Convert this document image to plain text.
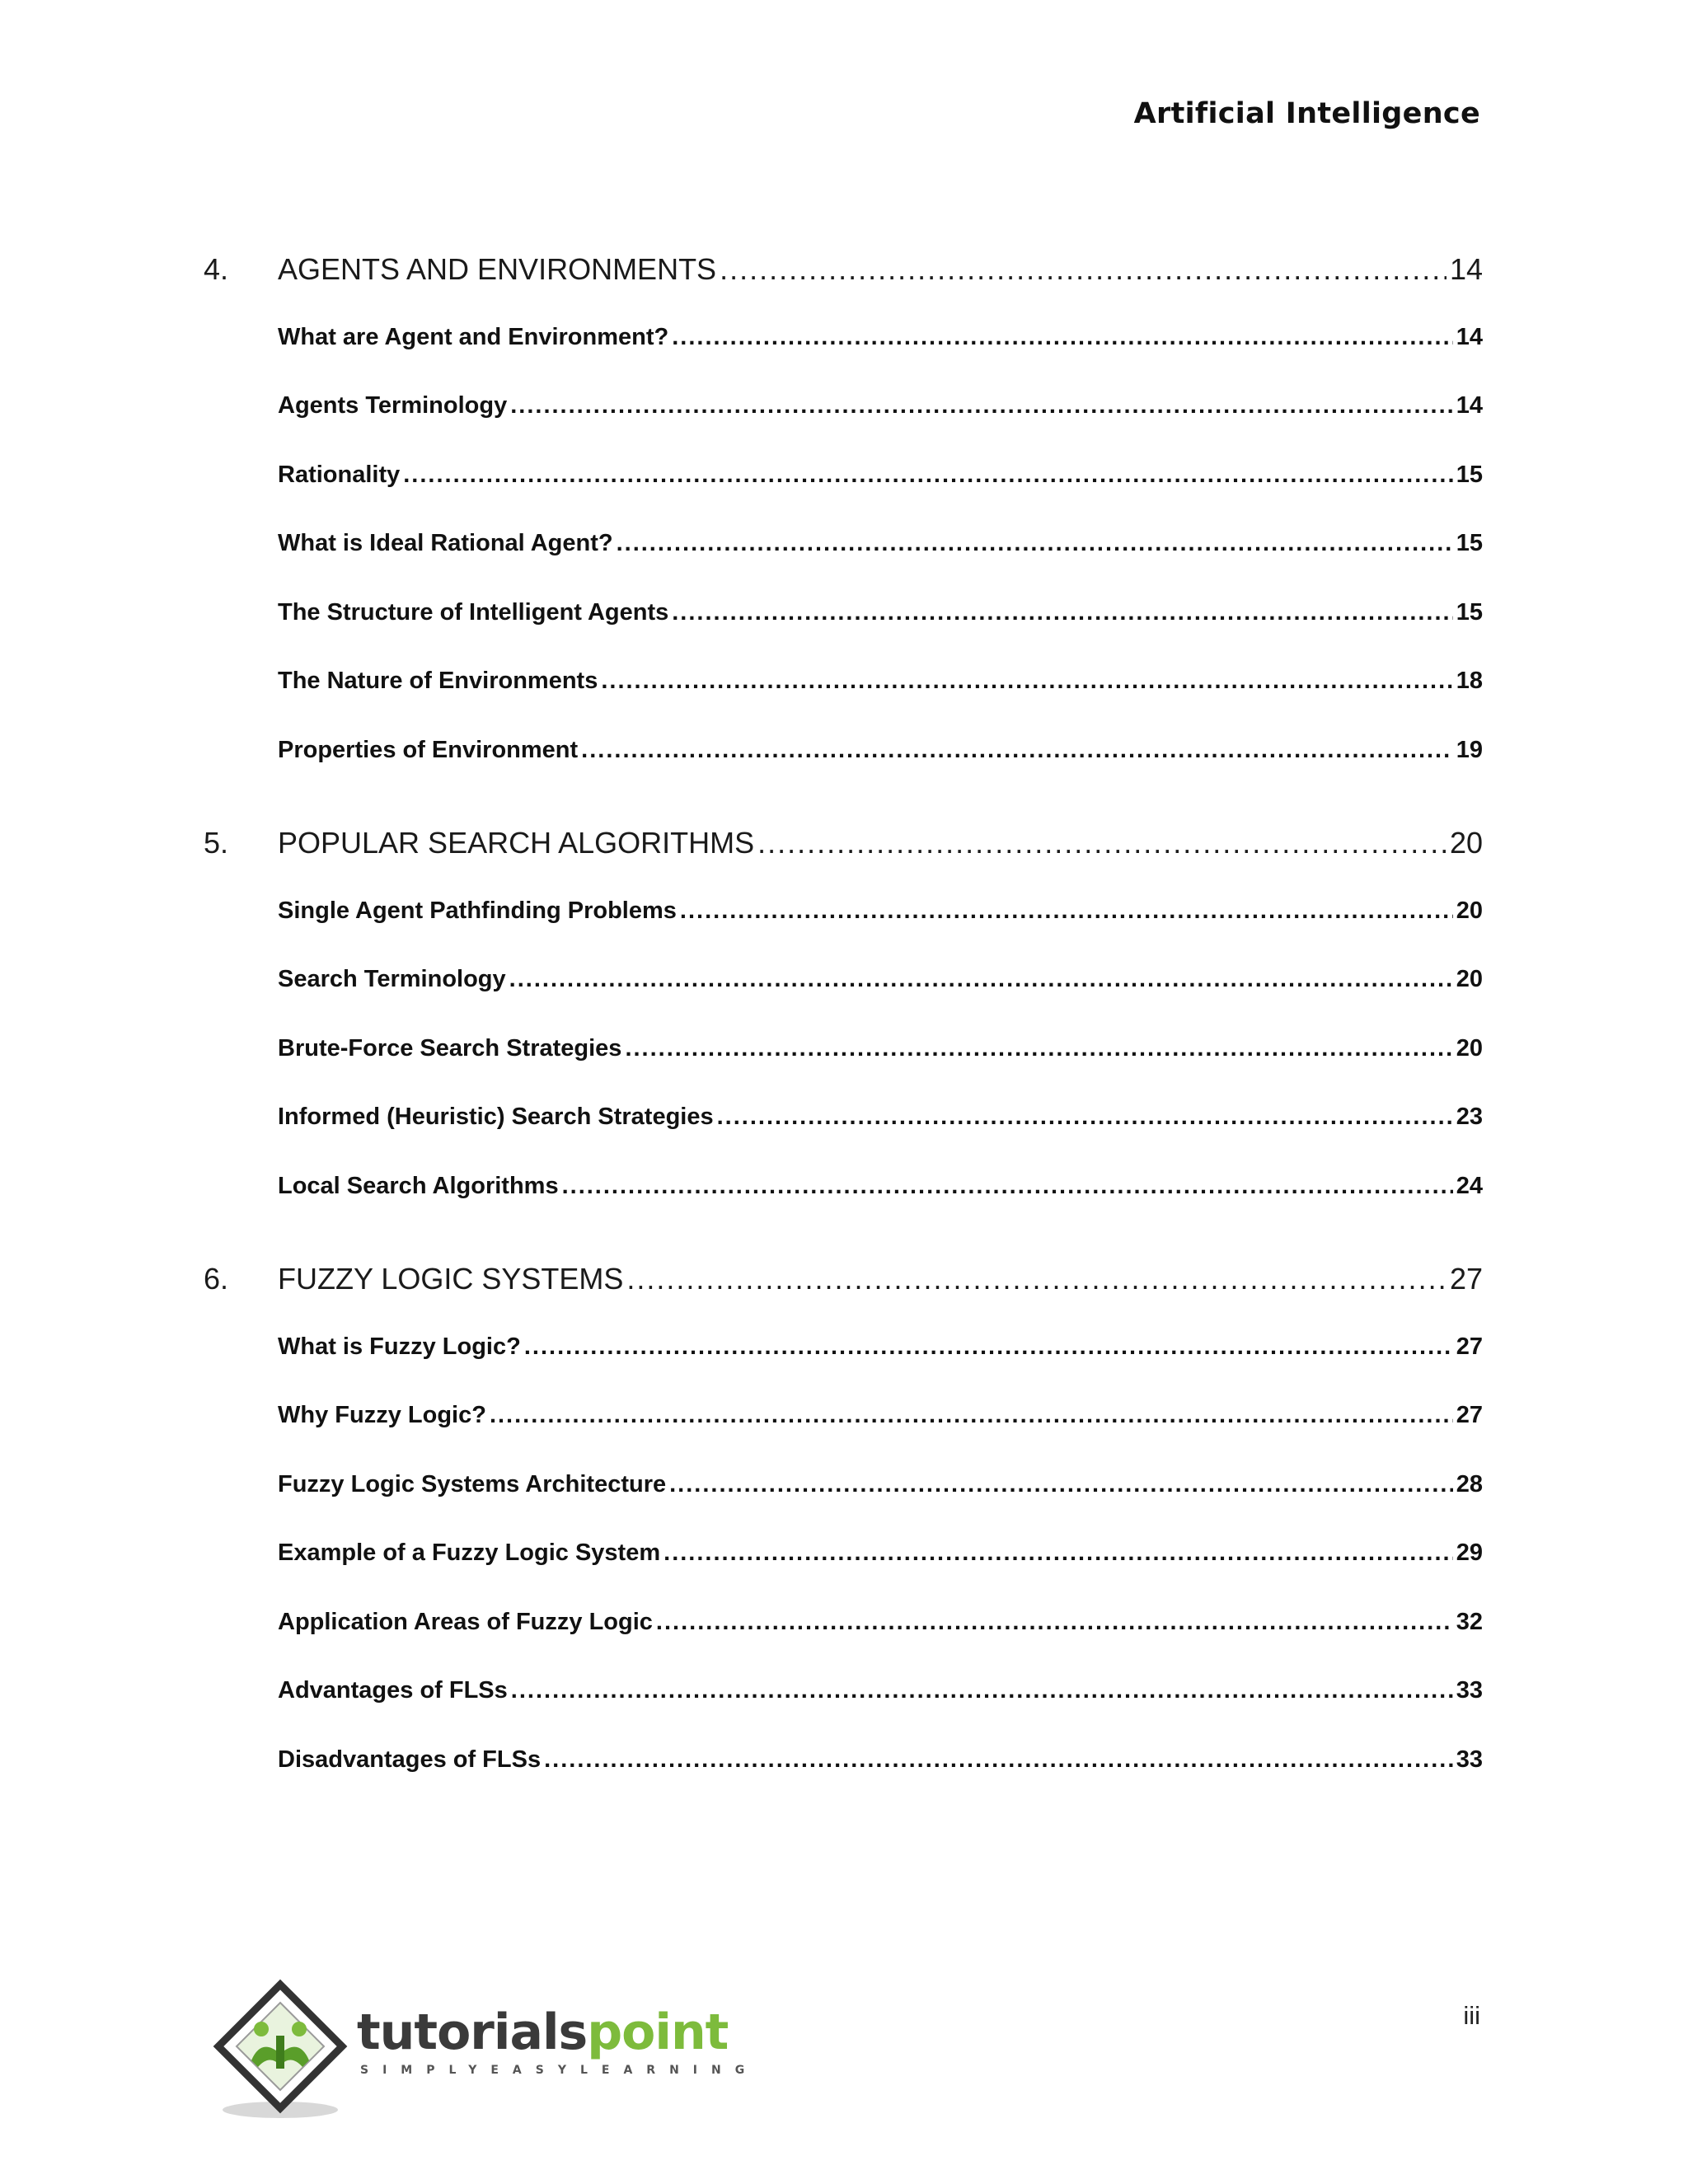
Artificial Intelligence
4.	AGENTS AND ENVIRONMENTS .....	14
What are Agent and Environment? .....	14
Agents Terminology .....	14
Rationality .....	15
What is Ideal Rational Agent? .....	15
The Structure of Intelligent Agents .....	15
The Nature of Environments .....	18
Properties of Environment .....	19
5.	POPULAR SEARCH ALGORITHMS .....	20
Single Agent Pathfinding Problems .....	20
Search Terminology .....	20
Brute-Force Search Strategies .....	20
Informed (Heuristic) Search Strategies .....	23
Local Search Algorithms .....	24
6.	FUZZY LOGIC SYSTEMS .....	27
What is Fuzzy Logic? .....	27
Why Fuzzy Logic? .....	27
Fuzzy Logic Systems Architecture .....	28
Example of a Fuzzy Logic System .....	29
Application Areas of Fuzzy Logic .....	32
Advantages of FLSs .....	33
Disadvantages of FLSs .....	33
tutorialspoint
SIMPLYEASYLEARNING
iii
